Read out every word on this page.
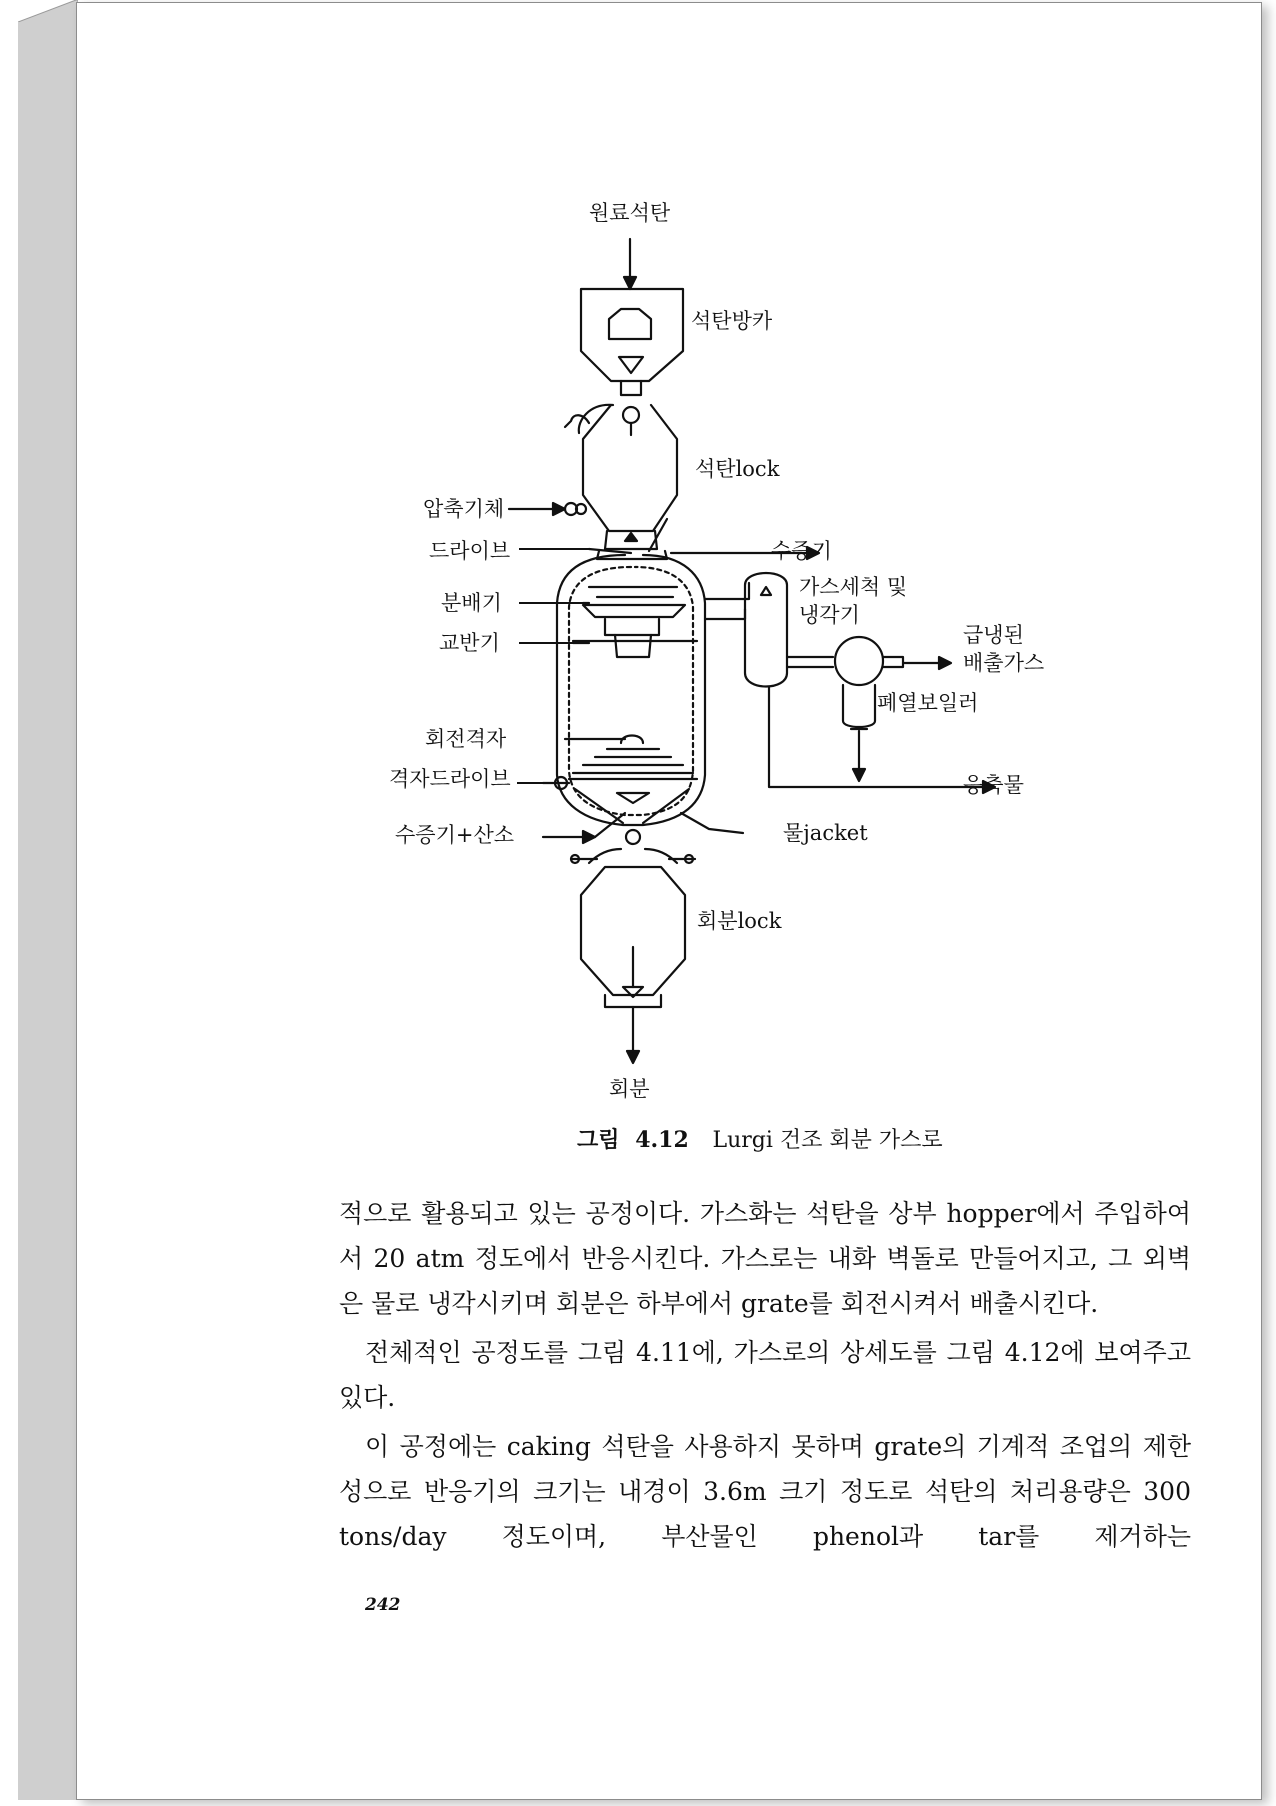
원료석탄
석탄방카
석탄lock
압축기체
드라이브	수증기
가스세척 및
냉각기
분배기
교반기	급냉된
배출가스
폐열보일러
회전격자
격자드라이브	응축물
수증기+산소	물jacket
회분lock
회분
그림 4.12 Lurgi 건조 회분 가스로

적으로 활용되고 있는 공정이다. 가스화는 석탄을 상부 hopper에서 주입하여서 20 atm 정도에서 반응시킨다. 가스로는 내화 벽돌로 만들어지고, 그 외벽은 물로 냉각시키며 회분은 하부에서 grate를 회전시켜서 배출시킨다.

전체적인 공정도를 그림 4.11에, 가스로의 상세도를 그림 4.12에 보여주고 있다.

이 공정에는 caking 석탄을 사용하지 못하며 grate의 기계적 조업의 제한성으로 반응기의 크기는 내경이 3.6m 크기 정도로 석탄의 처리용량은 300 tons/day 정도이며, 부산물인 phenol과 tar를 제거하는

242
